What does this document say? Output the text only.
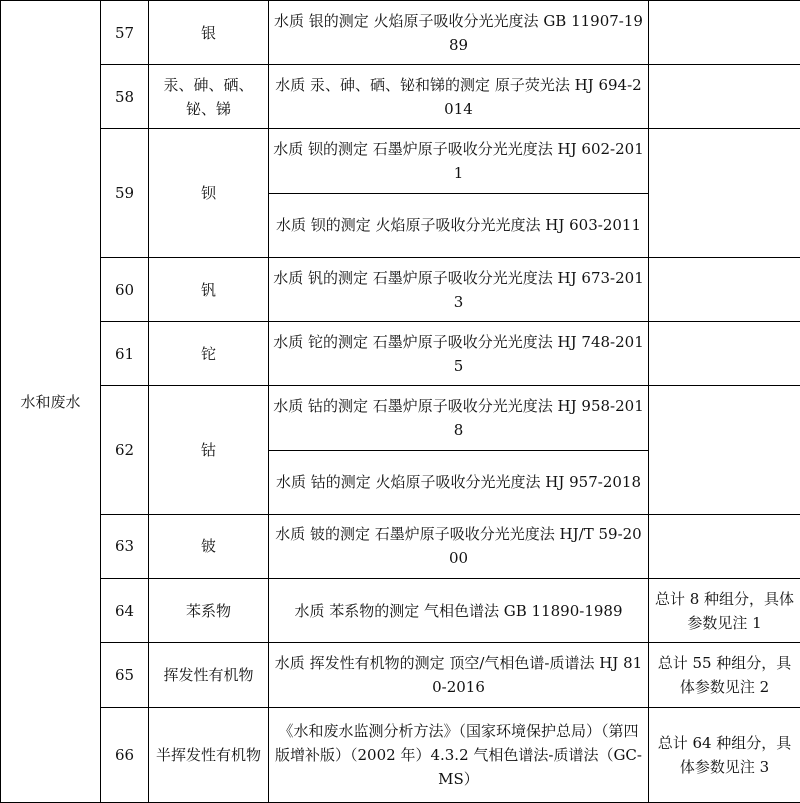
水和废水	57	银	水质 银的测定 火焰原子吸收分光光度法 GB 11907-1989	
	58	汞、砷、硒、铋、锑	水质 汞、砷、硒、铋和锑的测定 原子荧光法 HJ 694-2014	
	59	钡	水质 钡的测定 石墨炉原子吸收分光光度法 HJ 602-2011	
			水质 钡的测定 火焰原子吸收分光光度法 HJ 603-2011	
	60	钒	水质 钒的测定 石墨炉原子吸收分光光度法 HJ 673-2013	
	61	铊	水质 铊的测定 石墨炉原子吸收分光光度法 HJ 748-2015	
	62	钴	水质 钴的测定 石墨炉原子吸收分光光度法 HJ 958-2018	
			水质 钴的测定 火焰原子吸收分光光度法 HJ 957-2018	
	63	铍	水质 铍的测定 石墨炉原子吸收分光光度法 HJ/T 59-2000	
	64	苯系物	水质 苯系物的测定 气相色谱法 GB 11890-1989	总计 8 种组分，具体参数见注 1
	65	挥发性有机物	水质 挥发性有机物的测定 顶空/气相色谱-质谱法 HJ 810-2016	总计 55 种组分，具体参数见注 2
	66	半挥发性有机物	《水和废水监测分析方法》（国家环境保护总局）（第四版增补版）（2002 年）4.3.2 气相色谱法-质谱法（GC-MS）	总计 64 种组分，具体参数见注 3
